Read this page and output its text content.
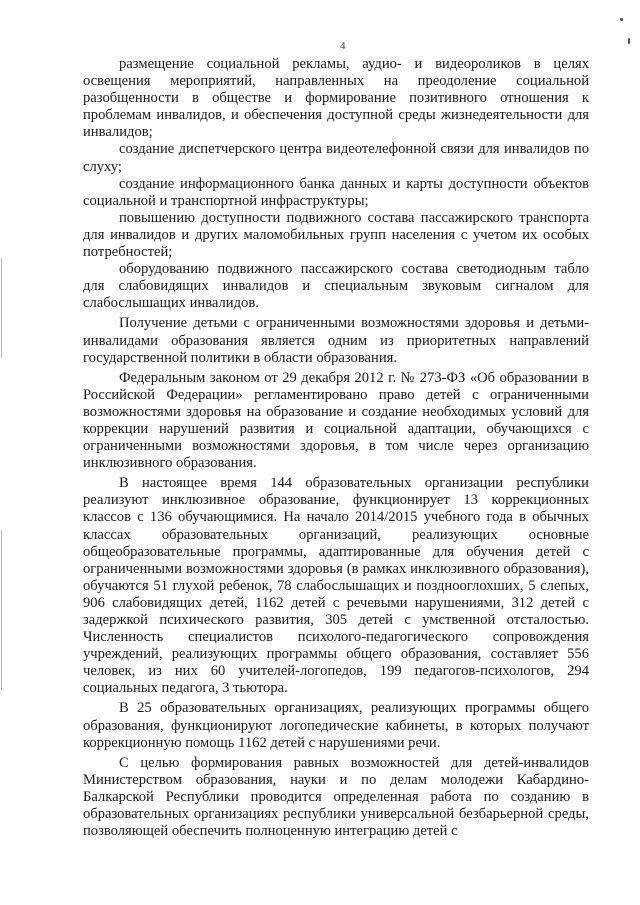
4

размещение социальной рекламы, аудио- и видеороликов в целях освещения мероприятий, направленных на преодоление социальной разобщенности в обществе и формирование позитивного отношения к проблемам инвалидов, и обеспечения доступной среды жизнедеятельности для инвалидов;

создание диспетчерского центра видеотелефонной связи для инвалидов по слуху;

создание информационного банка данных и карты доступности объектов социальной и транспортной инфраструктуры;

повышению доступности подвижного состава пассажирского транспорта для инвалидов и других маломобильных групп населения с учетом их особых потребностей;

оборудованию подвижного пассажирского состава светодиодным табло для слабовидящих инвалидов и специальным звуковым сигналом для слабослышащих инвалидов.

Получение детьми с ограниченными возможностями здоровья и детьми-инвалидами образования является одним из приоритетных направлений государственной политики в области образования.

Федеральным законом от 29 декабря 2012 г. № 273-ФЗ «Об образовании в Российской Федерации» регламентировано право детей с ограниченными возможностями здоровья на образование и создание необходимых условий для коррекции нарушений развития и социальной адаптации, обучающихся с ограниченными возможностями здоровья, в том числе через организацию инклюзивного образования.

В настоящее время 144 образовательных организации республики реализуют инклюзивное образование, функционирует 13 коррекционных классов с 136 обучающимися. На начало 2014/2015 учебного года в обычных классах образовательных организаций, реализующих основные общеобразовательные программы, адаптированные для обучения детей с ограниченными возможностями здоровья (в рамках инклюзивного образования), обучаются 51 глухой ребенок, 78 слабослышащих и позднооглохших, 5 слепых, 906 слабовидящих детей, 1162 детей с речевыми нарушениями, 312 детей с задержкой психического развития, 305 детей с умственной отсталостью. Численность специалистов психолого-педагогического сопровождения учреждений, реализующих программы общего образования, составляет 556 человек, из них 60 учителей-логопедов, 199 педагогов-психологов, 294 социальных педагога, 3 тьютора.

В 25 образовательных организациях, реализующих программы общего образования, функционируют логопедические кабинеты, в которых получают коррекционную помощь 1162 детей с нарушениями речи.

С целью формирования равных возможностей для детей-инвалидов Министерством образования, науки и по делам молодежи Кабардино-Балкарской Республики проводится определенная работа по созданию в образовательных организациях республики универсальной безбарьерной среды, позволяющей обеспечить полноценную интеграцию детей с
